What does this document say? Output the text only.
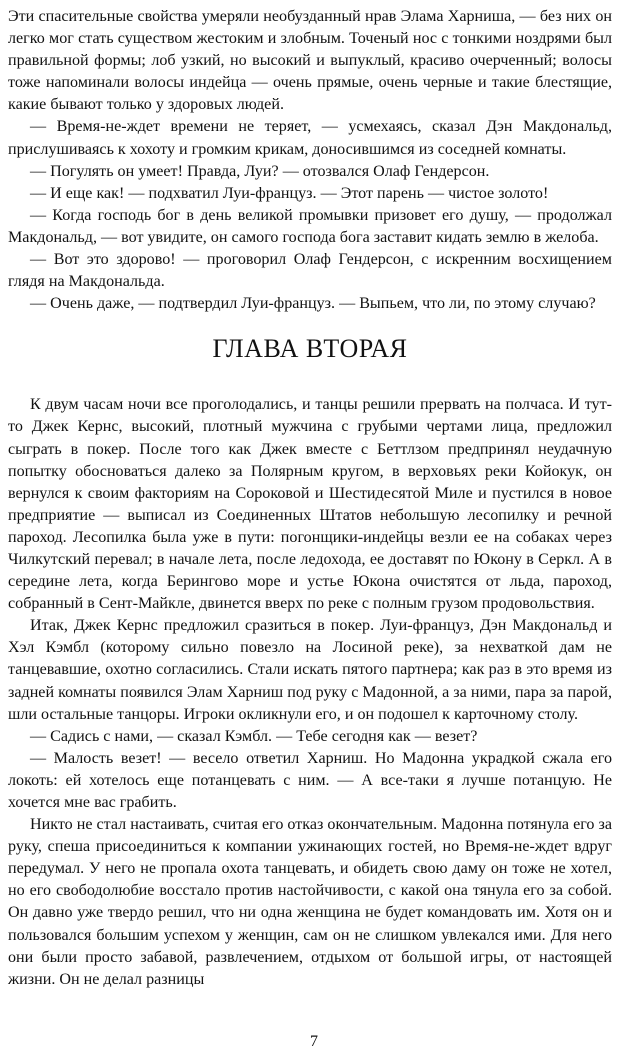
Эти спасительные свойства умеряли необузданный нрав Элама Харниша, — без них он легко мог стать существом жестоким и злобным. Точеный нос с тонкими ноздрями был правильной формы; лоб узкий, но высокий и выпуклый, красиво очерченный; волосы тоже напоминали волосы индейца — очень прямые, очень черные и такие блестящие, какие бывают только у здоровых людей.

— Время-не-ждет времени не теряет, — усмехаясь, сказал Дэн Макдональд, прислушиваясь к хохоту и громким крикам, доносившимся из соседней комнаты.

— Погулять он умеет! Правда, Луи? — отозвался Олаф Гендерсон.

— И еще как! — подхватил Луи-француз. — Этот парень — чистое золото!

— Когда господь бог в день великой промывки призовет его душу, — продолжал Макдональд, — вот увидите, он самого господа бога заставит кидать землю в желоба.

— Вот это здорово! — проговорил Олаф Гендерсон, с искренним восхищением глядя на Макдональда.

— Очень даже, — подтвердил Луи-француз. — Выпьем, что ли, по этому случаю?

ГЛАВА ВТОРАЯ

К двум часам ночи все проголодались, и танцы решили прервать на полчаса. И тут-то Джек Кернс, высокий, плотный мужчина с грубыми чертами лица, предложил сыграть в покер. После того как Джек вместе с Беттлзом предпринял неудачную попытку обосноваться далеко за Полярным кругом, в верховьях реки Койокук, он вернулся к своим факториям на Сороковой и Шестидесятой Миле и пустился в новое предприятие — выписал из Соединенных Штатов небольшую лесопилку и речной пароход. Лесопилка была уже в пути: погонщики-индейцы везли ее на собаках через Чилкутский перевал; в начале лета, после ледохода, ее доставят по Юкону в Серкл. А в середине лета, когда Берингово море и устье Юкона очистятся от льда, пароход, собранный в Сент-Майкле, двинется вверх по реке с полным грузом продовольствия.

Итак, Джек Кернс предложил сразиться в покер. Луи-француз, Дэн Макдональд и Хэл Кэмбл (которому сильно повезло на Лосиной реке), за нехваткой дам не танцевавшие, охотно согласились. Стали искать пятого партнера; как раз в это время из задней комнаты появился Элам Харниш под руку с Мадонной, а за ними, пара за парой, шли остальные танцоры. Игроки окликнули его, и он подошел к карточному столу.

— Садись с нами, — сказал Кэмбл. — Тебе сегодня как — везет?

— Малость везет! — весело ответил Харниш. Но Мадонна украдкой сжала его локоть: ей хотелось еще потанцевать с ним. — А все-таки я лучше потанцую. Не хочется мне вас грабить.

Никто не стал настаивать, считая его отказ окончательным. Мадонна потянула его за руку, спеша присоединиться к компании ужинающих гостей, но Время-не-ждет вдруг передумал. У него не пропала охота танцевать, и обидеть свою даму он тоже не хотел, но его свободолюбие восстало против настойчивости, с какой она тянула его за собой. Он давно уже твердо решил, что ни одна женщина не будет командовать им. Хотя он и пользовался большим успехом у женщин, сам он не слишком увлекался ими. Для него они были просто забавой, развлечением, отдыхом от большой игры, от настоящей жизни. Он не делал разницы

7
